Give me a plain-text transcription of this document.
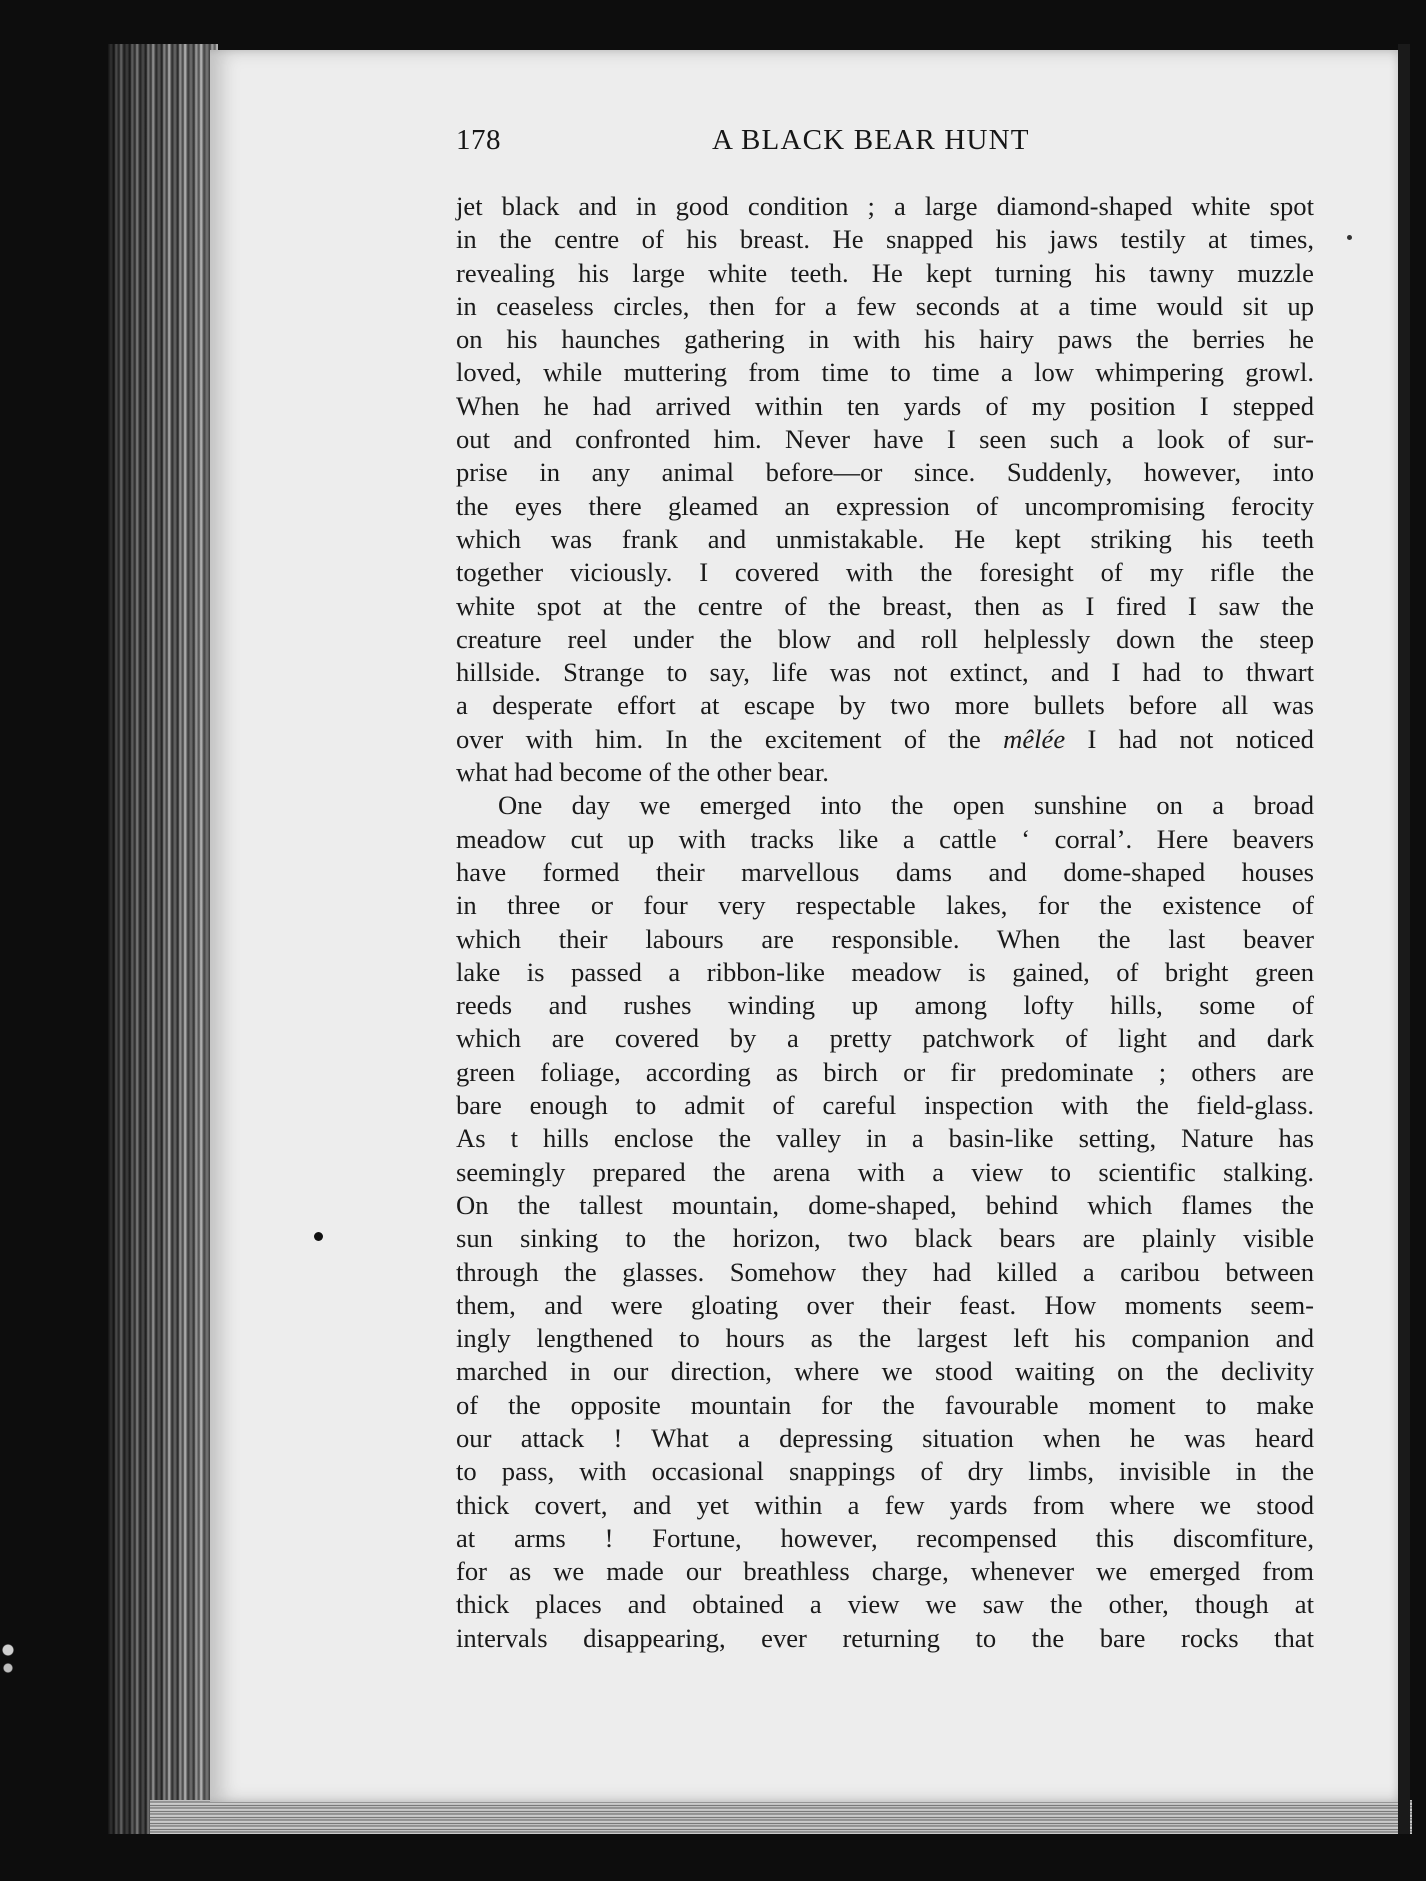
178	A BLACK BEAR HUNT
jet black and in good condition ; a large diamond-shaped white spot
in the centre of his breast. He snapped his jaws testily at times,
revealing his large white teeth. He kept turning his tawny muzzle
in ceaseless circles, then for a few seconds at a time would sit up
on his haunches gathering in with his hairy paws the berries he
loved, while muttering from time to time a low whimpering growl.
When he had arrived within ten yards of my position I stepped
out and confronted him. Never have I seen such a look of sur-
prise in any animal before—or since. Suddenly, however, into
the eyes there gleamed an expression of uncompromising ferocity
which was frank and unmistakable. He kept striking his teeth
together viciously. I covered with the foresight of my rifle the
white spot at the centre of the breast, then as I fired I saw the
creature reel under the blow and roll helplessly down the steep
hillside. Strange to say, life was not extinct, and I had to thwart
a desperate effort at escape by two more bullets before all was
over with him. In the excitement of the mêlée I had not noticed
what had become of the other bear.
One day we emerged into the open sunshine on a broad
meadow cut up with tracks like a cattle ‘ corral’. Here beavers
have formed their marvellous dams and dome-shaped houses
in three or four very respectable lakes, for the existence of
which their labours are responsible. When the last beaver
lake is passed a ribbon-like meadow is gained, of bright green
reeds and rushes winding up among lofty hills, some of
which are covered by a pretty patchwork of light and dark
green foliage, according as birch or fir predominate ; others are
bare enough to admit of careful inspection with the field-glass.
As t hills enclose the valley in a basin-like setting, Nature has
seemingly prepared the arena with a view to scientific stalking.
On the tallest mountain, dome-shaped, behind which flames the
sun sinking to the horizon, two black bears are plainly visible
through the glasses. Somehow they had killed a caribou between
them, and were gloating over their feast. How moments seem-
ingly lengthened to hours as the largest left his companion and
marched in our direction, where we stood waiting on the declivity
of the opposite mountain for the favourable moment to make
our attack ! What a depressing situation when he was heard
to pass, with occasional snappings of dry limbs, invisible in the
thick covert, and yet within a few yards from where we stood
at arms ! Fortune, however, recompensed this discomfiture,
for as we made our breathless charge, whenever we emerged from
thick places and obtained a view we saw the other, though at
intervals disappearing, ever returning to the bare rocks that
